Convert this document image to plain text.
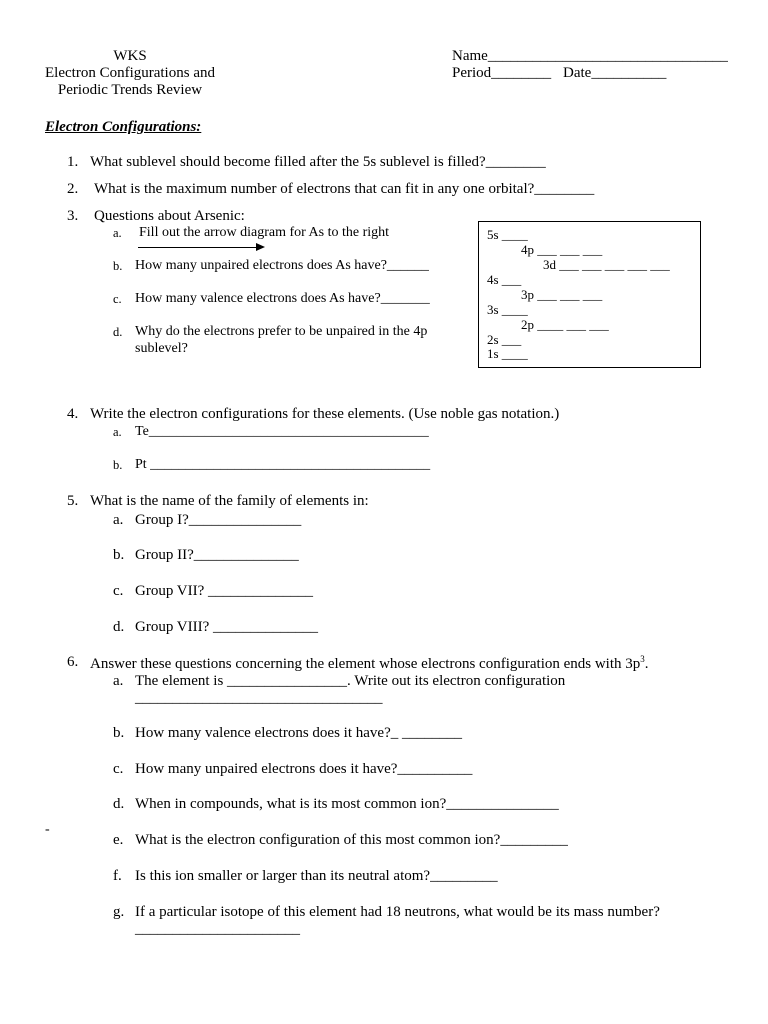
WKS
Electron Configurations and
Periodic Trends Review
Name________________________________
Period________ Date__________
Electron Configurations:
1. What sublevel should become filled after the 5s sublevel is filled?________
2. What is the maximum number of electrons that can fit in any one orbital?________
3. Questions about Arsenic:
a. Fill out the arrow diagram for As to the right
b. How many unpaired electrons does As have?______
c. How many valence electrons does As have?_______
d. Why do the electrons prefer to be unpaired in the 4p
sublevel?
5s ____
4p ___ ___ ___
3d ___ ___ ___ ___ ___
4s ___
3p ___ ___ ___
3s ____
2p ____ ___ ___
2s ___
1s ____
4. Write the electron configurations for these elements. (Use noble gas notation.)
a. Te________________________________________
b. Pt ________________________________________
5. What is the name of the family of elements in:
a. Group I?_______________
b. Group II?______________
c. Group VII? ______________
d. Group VIII? ______________
6. Answer these questions concerning the element whose electrons configuration ends with $3p^3$.
a. The element is ________________. Write out its electron configuration
_________________________________
b. How many valence electrons does it have?_ ________
c. How many unpaired electrons does it have?__________
d. When in compounds, what is its most common ion?_______________
-
e. What is the electron configuration of this most common ion?_________
f. Is this ion smaller or larger than its neutral atom?_________
g. If a particular isotope of this element had 18 neutrons, what would be its mass number?
______________________
